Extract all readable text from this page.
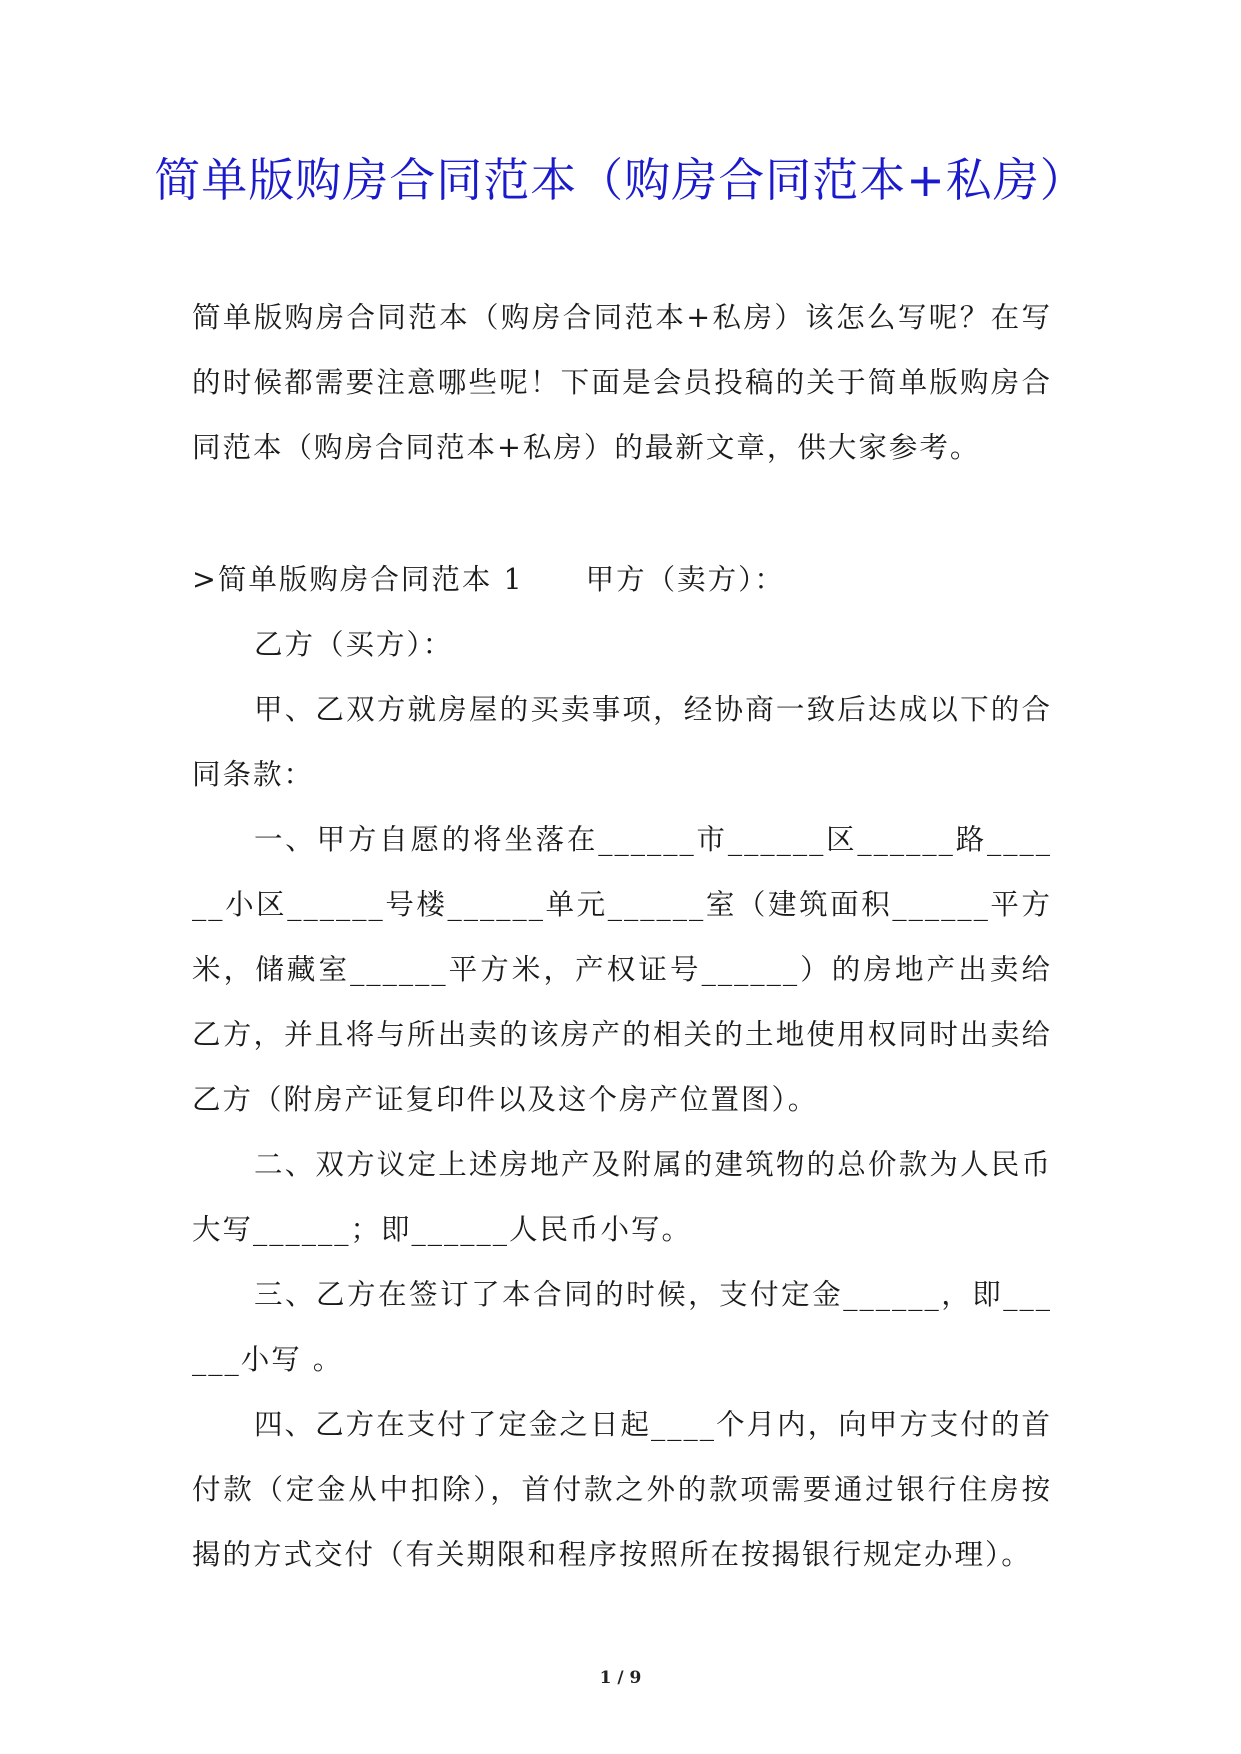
简单版购房合同范本（购房合同范本+私房）

简单版购房合同范本（购房合同范本+私房）该怎么写呢？在写的时候都需要注意哪些呢！下面是会员投稿的关于简单版购房合同范本（购房合同范本+私房）的最新文章，供大家参考。

>简单版购房合同范本 1 甲方（卖方）：

乙方（买方）：

甲、乙双方就房屋的买卖事项，经协商一致后达成以下的合同条款：

一、甲方自愿的将坐落在______市______区______路______小区______号楼______单元______室（建筑面积______平方米，储藏室______平方米，产权证号______）的房地产出卖给乙方，并且将与所出卖的该房产的相关的土地使用权同时出卖给乙方（附房产证复印件以及这个房产位置图）。

二、双方议定上述房地产及附属的建筑物的总价款为人民币大写______；即______人民币小写。

三、乙方在签订了本合同的时候，支付定金______，即______小写 。

四、乙方在支付了定金之日起____个月内，向甲方支付的首付款（定金从中扣除），首付款之外的款项需要通过银行住房按揭的方式交付（有关期限和程序按照所在按揭银行规定办理）。

1 / 9
